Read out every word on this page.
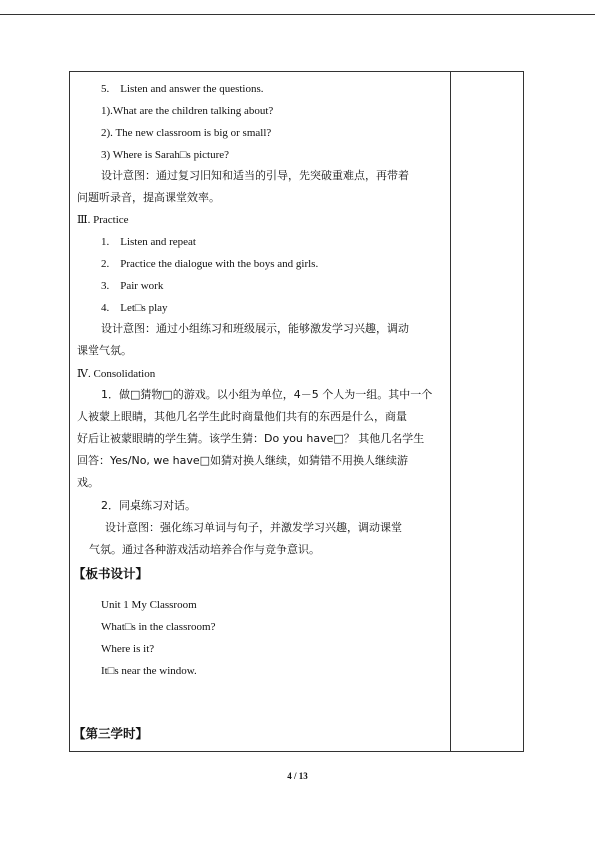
5.　Listen and answer the questions.
1).What are the children talking about?
2). The new classroom is big or small?
3) Where is Sarah□s picture?
设计意图：通过复习旧知和适当的引导，先突破重难点，再带着
问题听录音，提高课堂效率。
Ⅲ. Practice
1.　Listen and repeat
2.　Practice the dialogue with the boys and girls.
3.　Pair work
4.　Let□s play
设计意图：通过小组练习和班级展示，能够激发学习兴趣，调动
课堂气氛。
Ⅳ. Consolidation
1．做□猜物□的游戏。以小组为单位，4－5 个人为一组。其中一个
人被蒙上眼睛，其他几名学生此时商量他们共有的东西是什么，商量
好后让被蒙眼睛的学生猜。该学生猜：Do you have□？ 其他几名学生
回答：Yes/No, we have□如猜对换人继续，如猜错不用换人继续游
戏。
2．同桌练习对话。
设计意图：强化练习单词与句子，并激发学习兴趣，调动课堂
气氛。通过各种游戏活动培养合作与竞争意识。
【板书设计】
Unit 1 My Classroom
What□s in the classroom?
Where is it?
It□s near the window.
【第三学时】
4 / 13
